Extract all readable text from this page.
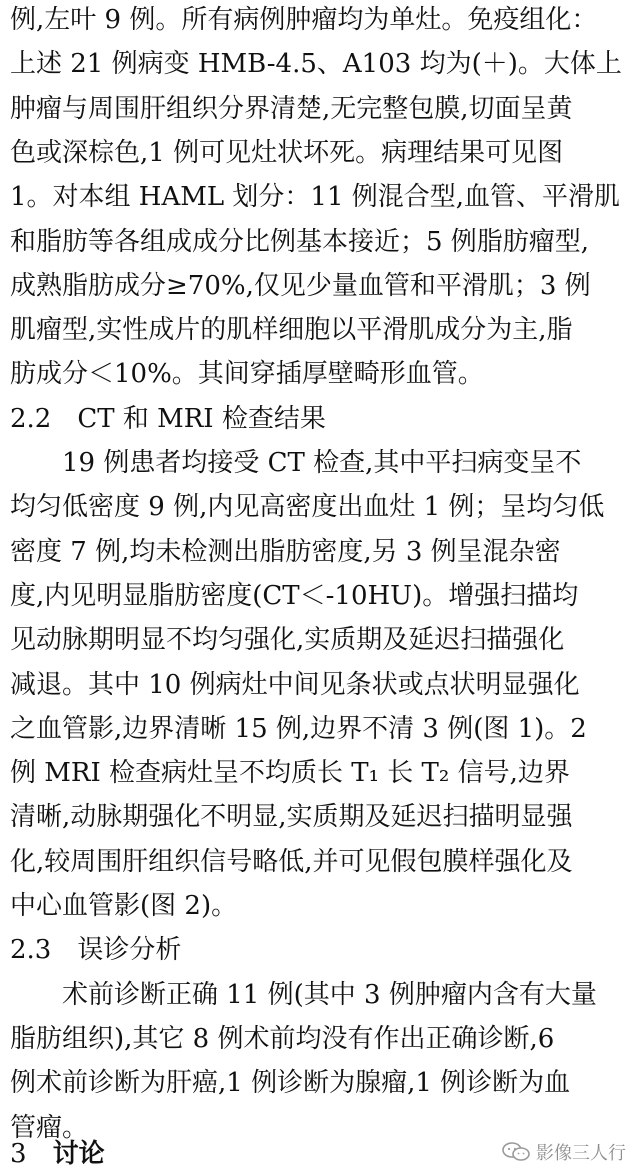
例,左叶 9 例。所有病例肿瘤均为单灶。免疫组化：
上述 21 例病变 HMB-4.5、A103 均为(＋)。大体上
肿瘤与周围肝组织分界清楚,无完整包膜,切面呈黄
色或深棕色,1 例可见灶状坏死。病理结果可见图
1。对本组 HAML 划分：11 例混合型,血管、平滑肌
和脂肪等各组成成分比例基本接近；5 例脂肪瘤型,
成熟脂肪成分≥70%,仅见少量血管和平滑肌；3 例
肌瘤型,实性成片的肌样细胞以平滑肌成分为主,脂
肪成分＜10%。其间穿插厚壁畸形血管。
2.2　CT 和 MRI 检查结果
19 例患者均接受 CT 检查,其中平扫病变呈不
均匀低密度 9 例,内见高密度出血灶 1 例；呈均匀低
密度 7 例,均未检测出脂肪密度,另 3 例呈混杂密
度,内见明显脂肪密度(CT＜-10HU)。增强扫描均
见动脉期明显不均匀强化,实质期及延迟扫描强化
减退。其中 10 例病灶中间见条状或点状明显强化
之血管影,边界清晰 15 例,边界不清 3 例(图 1)。2
例 MRI 检查病灶呈不均质长 T₁ 长 T₂ 信号,边界
清晰,动脉期强化不明显,实质期及延迟扫描明显强
化,较周围肝组织信号略低,并可见假包膜样强化及
中心血管影(图 2)。
2.3　误诊分析
术前诊断正确 11 例(其中 3 例肿瘤内含有大量
脂肪组织),其它 8 例术前均没有作出正确诊断,6
例术前诊断为肝癌,1 例诊断为腺瘤,1 例诊断为血
管瘤。
3　 讨论	影像三人行
